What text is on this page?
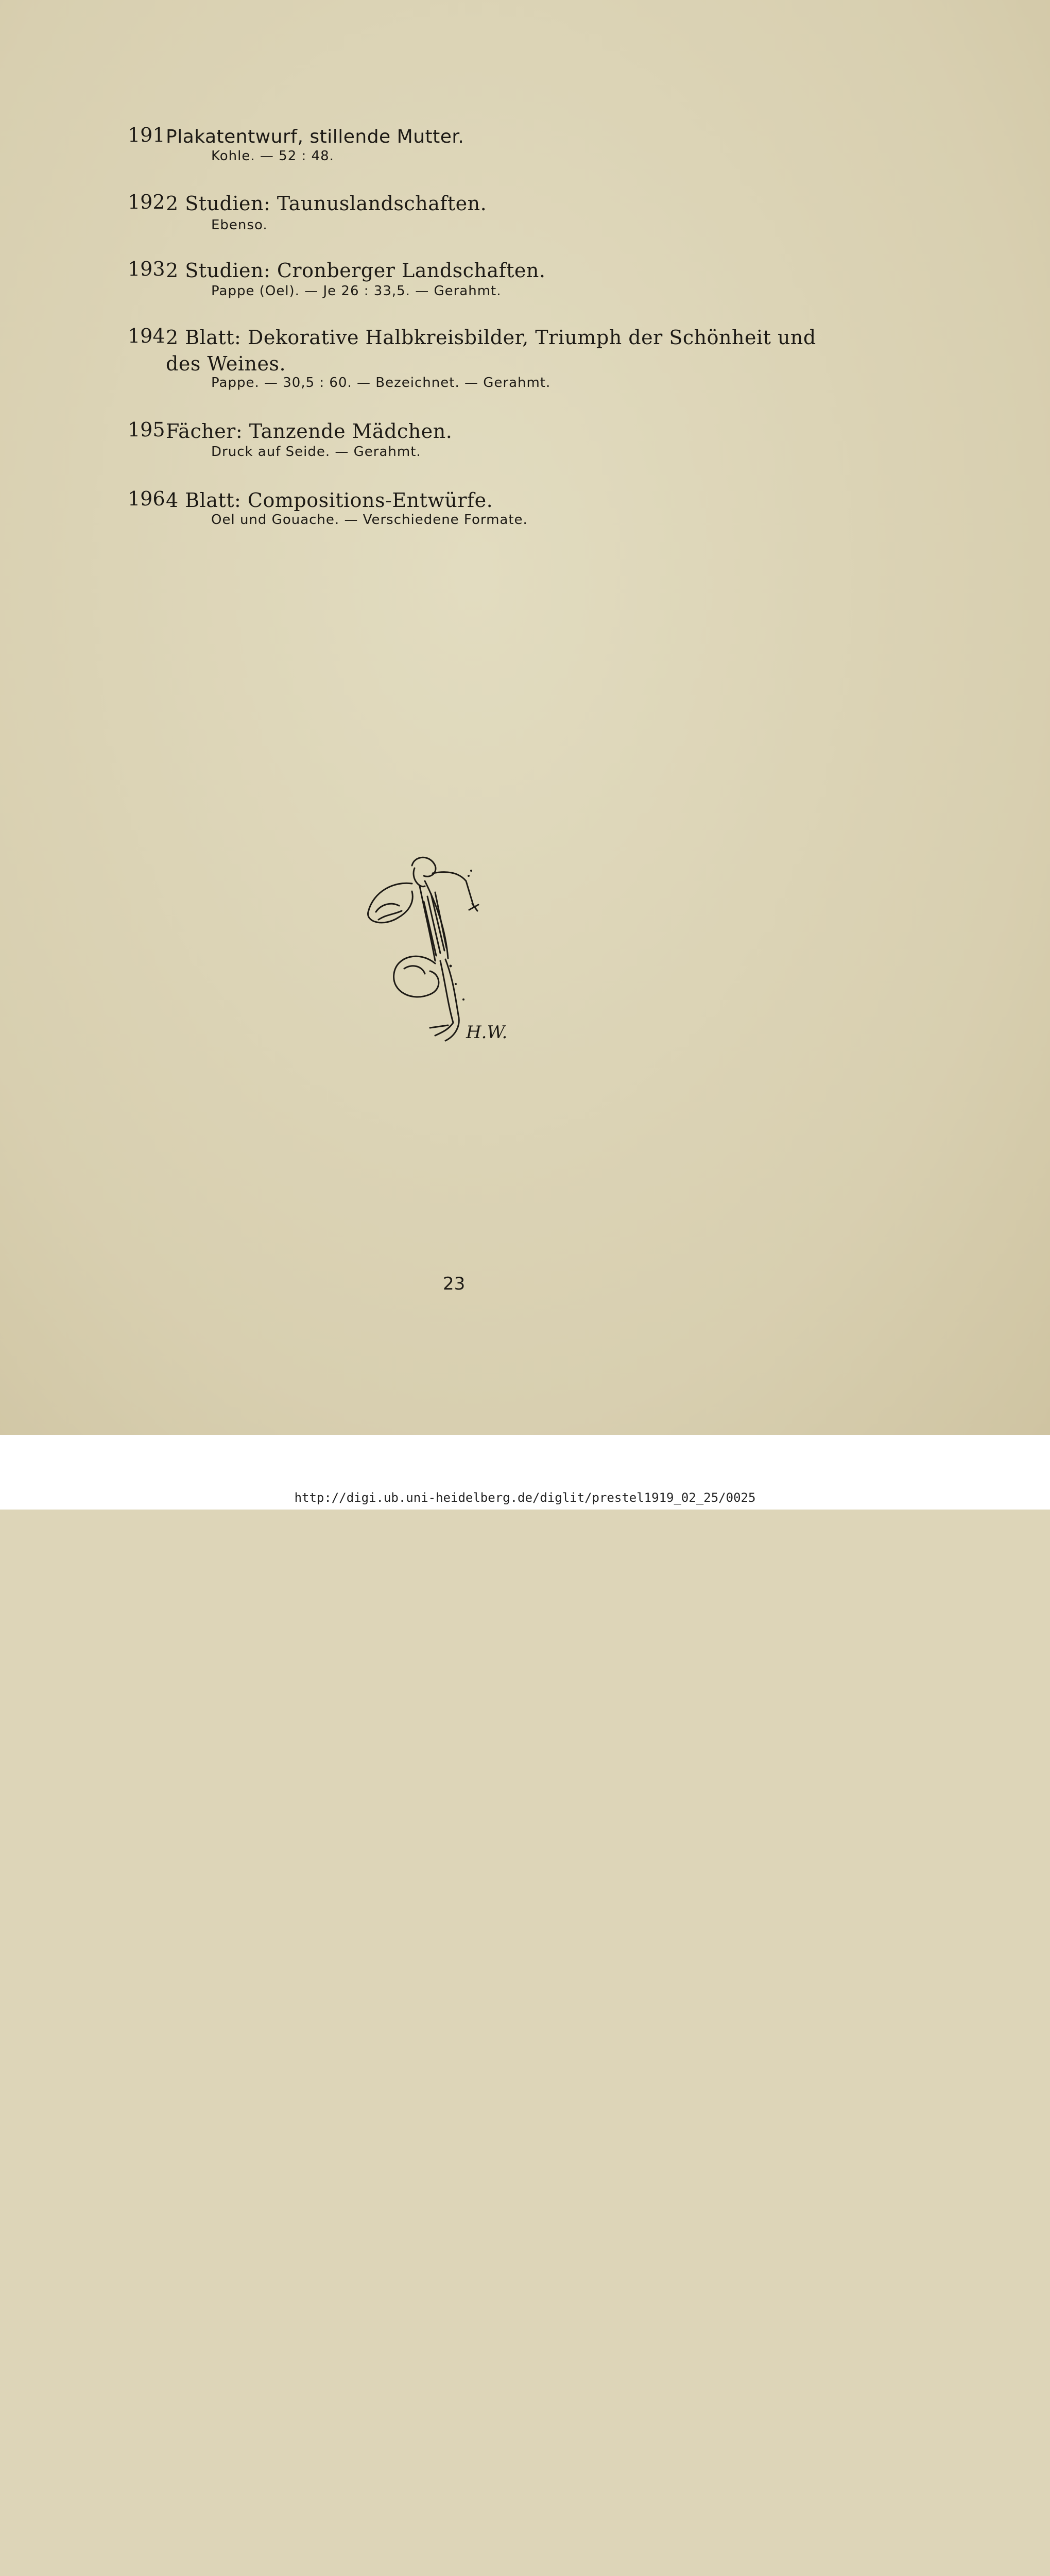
191 Plakatentwurf, stillende Mutter.
Kohle. — 52 : 48.
192 2 Studien: Taunuslandschaften.
Ebenso.
193 2 Studien: Cronberger Landschaften.
Pappe (Oel). — Je 26 : 33,5. — Gerahmt.
194 2 Blatt: Dekorative Halbkreisbilder, Triumph der Schönheit und des Weines.
Pappe. — 30,5 : 60. — Bezeichnet. — Gerahmt.
195 Fächer: Tanzende Mädchen.
Druck auf Seide. — Gerahmt.
196 4 Blatt: Compositions-Entwürfe.
Oel und Gouache. — Verschiedene Formate.
H.W.
23
http://digi.ub.uni-heidelberg.de/diglit/prestel1919_02_25/0025
